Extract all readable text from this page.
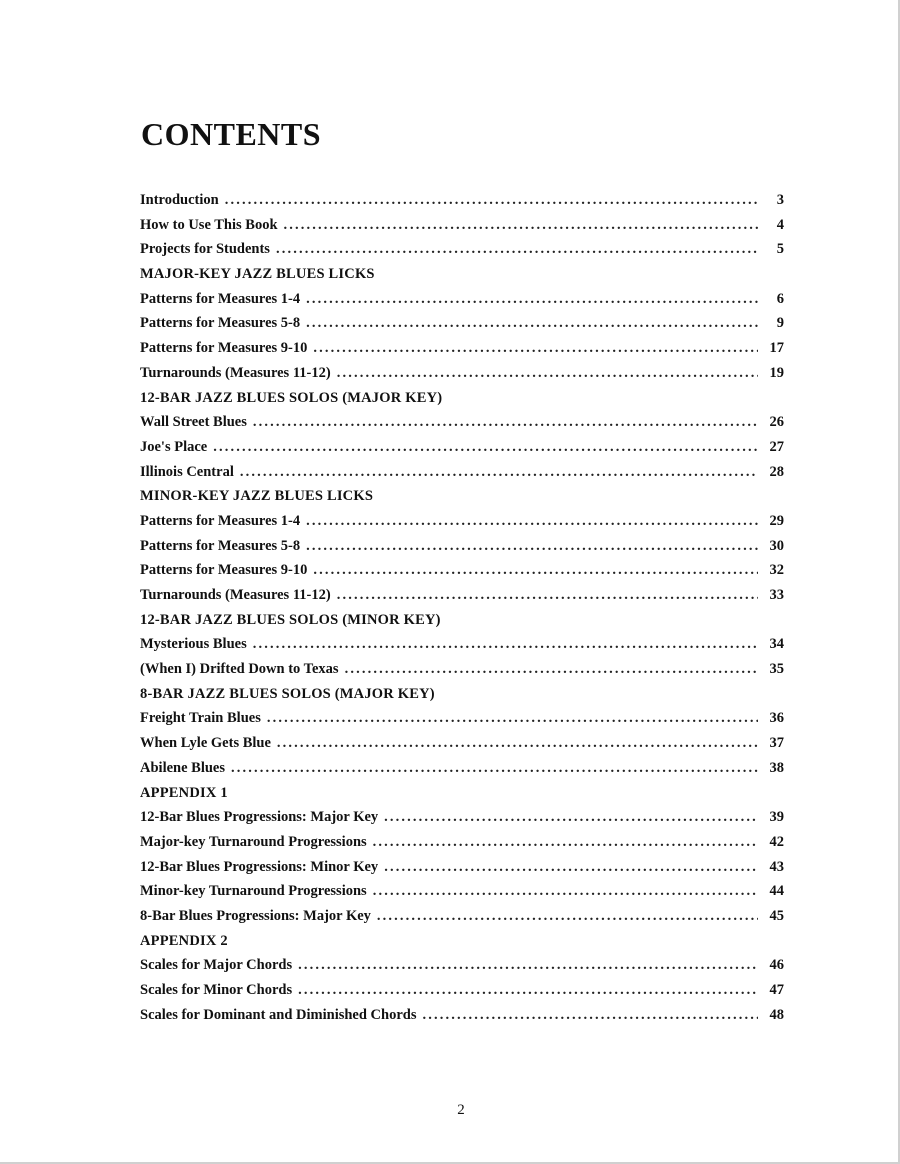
CONTENTS
Introduction . . .	3
How to Use This Book . . .	4
Projects for Students . . .	5
MAJOR-KEY JAZZ BLUES LICKS
Patterns for Measures 1-4 . . .	6
Patterns for Measures 5-8 . . .	9
Patterns for Measures 9-10 . . .	17
Turnarounds (Measures 11-12) . . .	19
12-BAR JAZZ BLUES SOLOS (MAJOR KEY)
Wall Street Blues . . .	26
Joe's Place . . .	27
Illinois Central . . .	28
MINOR-KEY JAZZ BLUES LICKS
Patterns for Measures 1-4 . . .	29
Patterns for Measures 5-8 . . .	30
Patterns for Measures 9-10 . . .	32
Turnarounds (Measures 11-12) . . .	33
12-BAR JAZZ BLUES SOLOS (MINOR KEY)
Mysterious Blues . . .	34
(When I) Drifted Down to Texas . . .	35
8-BAR JAZZ BLUES SOLOS (MAJOR KEY)
Freight Train Blues . . .	36
When Lyle Gets Blue . . .	37
Abilene Blues . . .	38
APPENDIX 1
12-Bar Blues Progressions: Major Key . . .	39
Major-key Turnaround Progressions . . .	42
12-Bar Blues Progressions: Minor Key . . .	43
Minor-key Turnaround Progressions . . .	44
8-Bar Blues Progressions: Major Key . . .	45
APPENDIX 2
Scales for Major Chords . . .	46
Scales for Minor Chords . . .	47
Scales for Dominant and Diminished Chords . . .	48
2
